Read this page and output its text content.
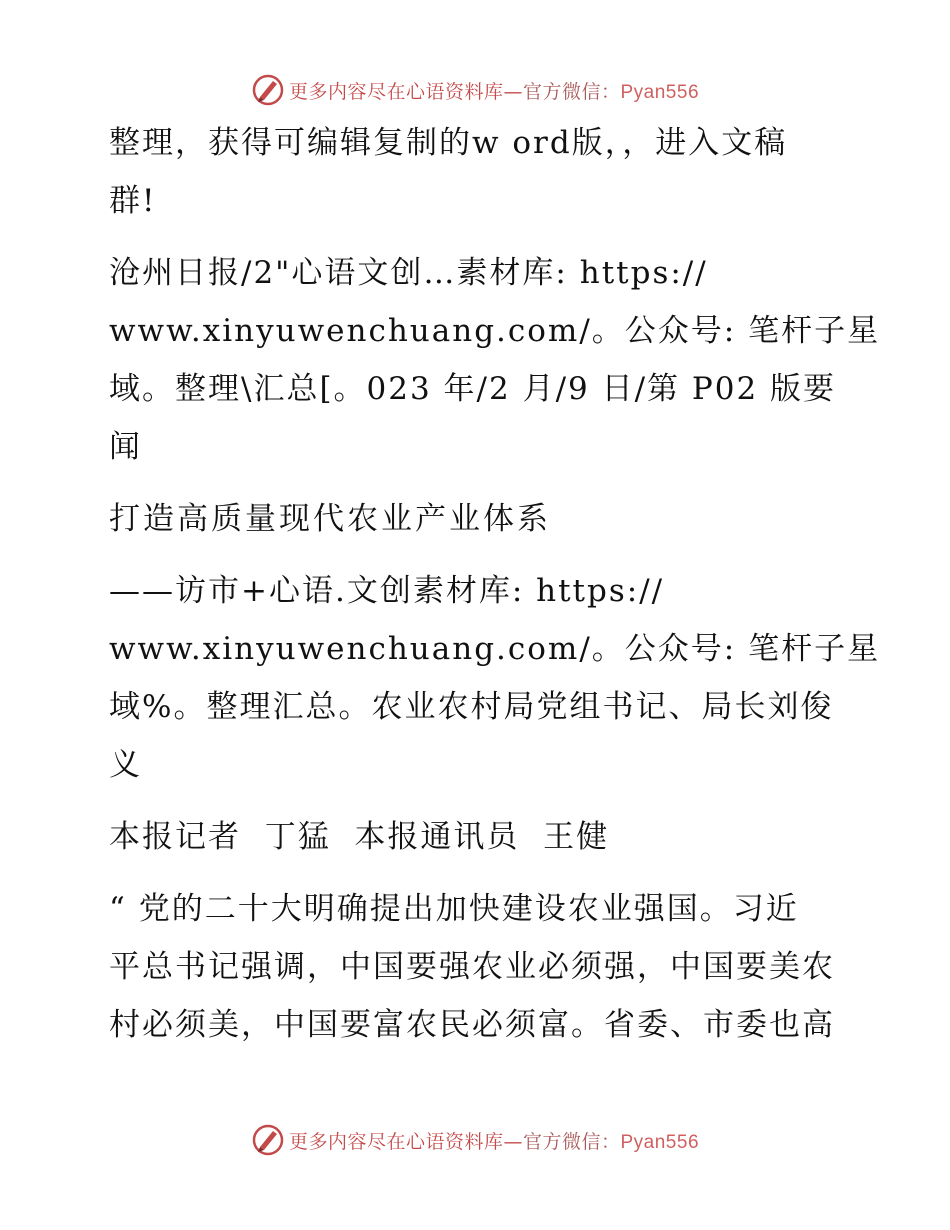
更多内容尽在心语资料库—官方微信：Pyan556
整理，获得可编辑复制的w ord版，，进入文稿
群!
沧州日报/2"心语文创…素材库: https://
www.xinyuwenchuang.com/。公众号: 笔杆子星
域。整理\汇总[。023 年/2 月/9 日/第 P02 版要
闻
打造高质量现代农业产业体系
——访市+心语.文创素材库: https://
www.xinyuwenchuang.com/。公众号: 笔杆子星
域%。整理汇总。农业农村局党组书记、局长刘俊
义
本报记者  丁猛  本报通讯员  王健
“ 党的二十大明确提出加快建设农业强国。习近
平总书记强调，中国要强农业必须强，中国要美农
村必须美，中国要富农民必须富。省委、市委也高
更多内容尽在心语资料库—官方微信：Pyan556
